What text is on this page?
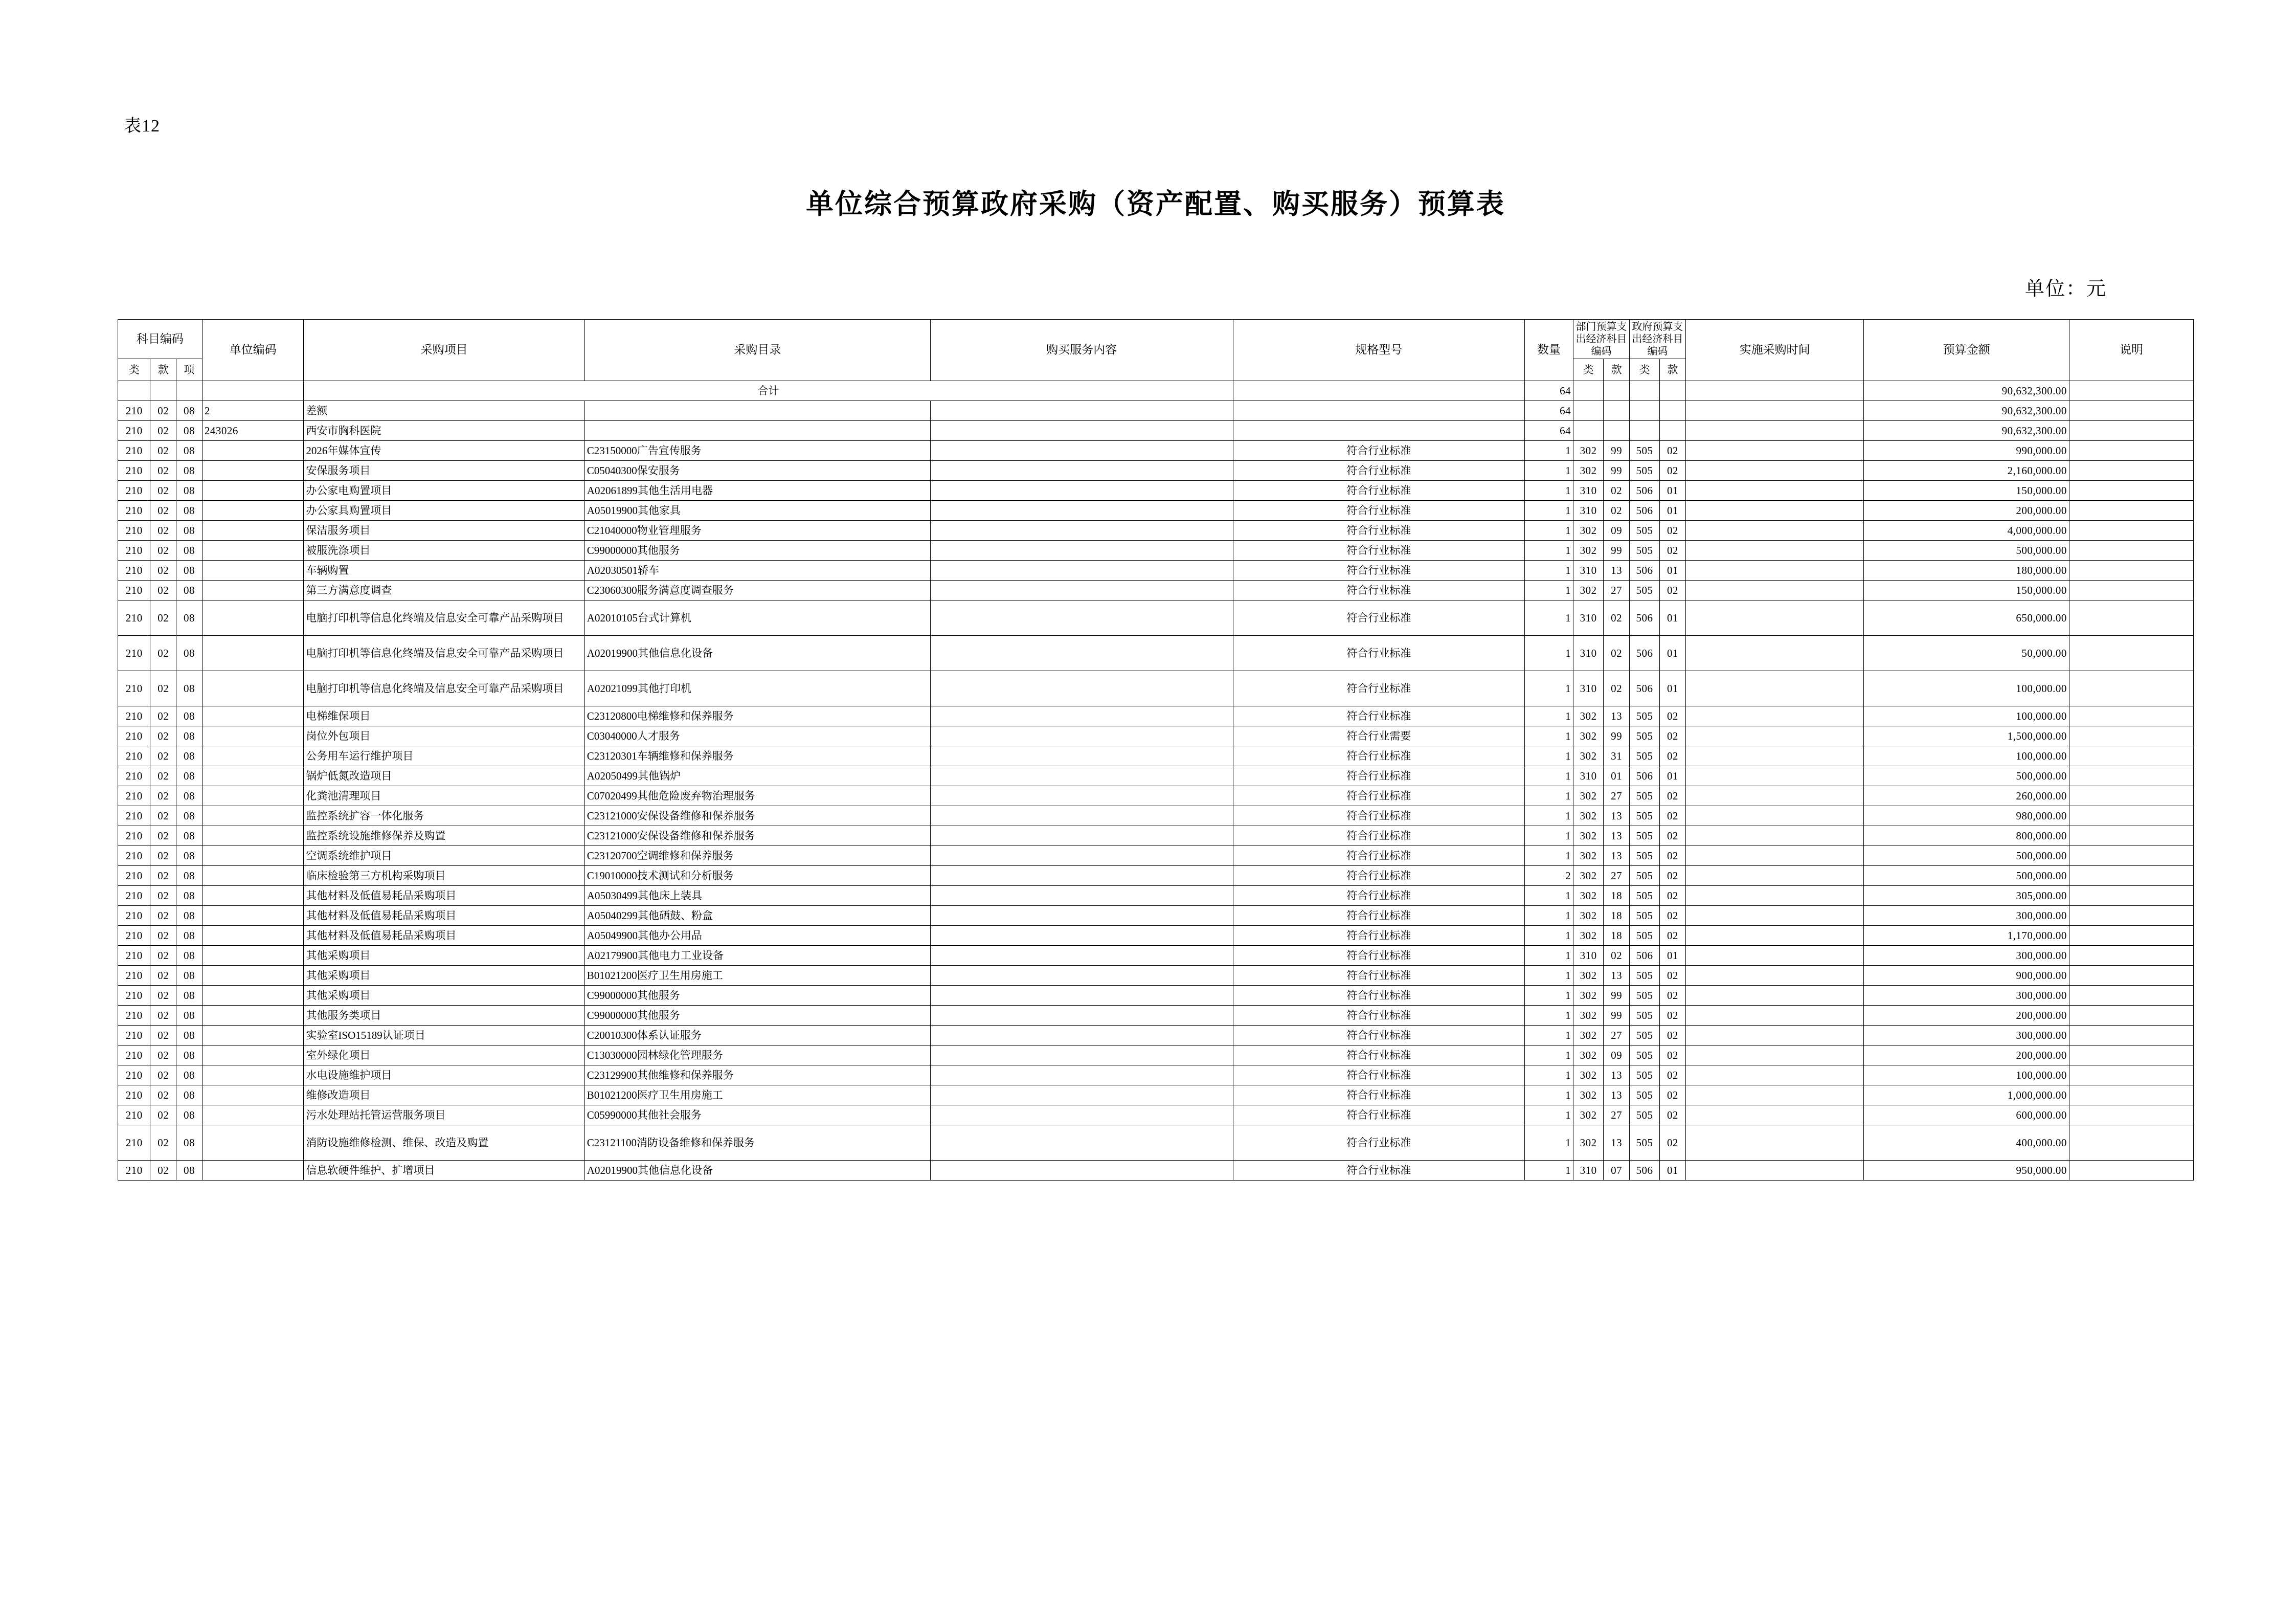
表12
单位综合预算政府采购（资产配置、购买服务）预算表
单位：元
科目编码			单位编码	采购项目	采购目录	购买服务内容	规格型号	数量	部门预算支出经济科目编码		政府预算支出经济科目编码		实施采购时间	预算金额	说明
类	款	项							类	款	类	款			
				合计				64						90,632,300.00	
210	02	08	2	差额				64						90,632,300.00	
210	02	08	243026	西安市胸科医院				64						90,632,300.00	
210	02	08		2026年媒体宣传	C23150000广告宣传服务		符合行业标准	1	302	99	505	02		990,000.00	
210	02	08		安保服务项目	C05040300保安服务		符合行业标准	1	302	99	505	02		2,160,000.00	
210	02	08		办公家电购置项目	A02061899其他生活用电器		符合行业标准	1	310	02	506	01		150,000.00	
210	02	08		办公家具购置项目	A05019900其他家具		符合行业标准	1	310	02	506	01		200,000.00	
210	02	08		保洁服务项目	C21040000物业管理服务		符合行业标准	1	302	09	505	02		4,000,000.00	
210	02	08		被服洗涤项目	C99000000其他服务		符合行业标准	1	302	99	505	02		500,000.00	
210	02	08		车辆购置	A02030501轿车		符合行业标准	1	310	13	506	01		180,000.00	
210	02	08		第三方满意度调查	C23060300服务满意度调查服务		符合行业标准	1	302	27	505	02		150,000.00	
210	02	08		电脑打印机等信息化终端及信息安全可靠产品采购项目	A02010105台式计算机		符合行业标准	1	310	02	506	01		650,000.00	
210	02	08		电脑打印机等信息化终端及信息安全可靠产品采购项目	A02019900其他信息化设备		符合行业标准	1	310	02	506	01		50,000.00	
210	02	08		电脑打印机等信息化终端及信息安全可靠产品采购项目	A02021099其他打印机		符合行业标准	1	310	02	506	01		100,000.00	
210	02	08		电梯维保项目	C23120800电梯维修和保养服务		符合行业标准	1	302	13	505	02		100,000.00	
210	02	08		岗位外包项目	C03040000人才服务		符合行业需要	1	302	99	505	02		1,500,000.00	
210	02	08		公务用车运行维护项目	C23120301车辆维修和保养服务		符合行业标准	1	302	31	505	02		100,000.00	
210	02	08		锅炉低氮改造项目	A02050499其他锅炉		符合行业标准	1	310	01	506	01		500,000.00	
210	02	08		化粪池清理项目	C07020499其他危险废弃物治理服务		符合行业标准	1	302	27	505	02		260,000.00	
210	02	08		监控系统扩容一体化服务	C23121000安保设备维修和保养服务		符合行业标准	1	302	13	505	02		980,000.00	
210	02	08		监控系统设施维修保养及购置	C23121000安保设备维修和保养服务		符合行业标准	1	302	13	505	02		800,000.00	
210	02	08		空调系统维护项目	C23120700空调维修和保养服务		符合行业标准	1	302	13	505	02		500,000.00	
210	02	08		临床检验第三方机构采购项目	C19010000技术测试和分析服务		符合行业标准	2	302	27	505	02		500,000.00	
210	02	08		其他材料及低值易耗品采购项目	A05030499其他床上装具		符合行业标准	1	302	18	505	02		305,000.00	
210	02	08		其他材料及低值易耗品采购项目	A05040299其他硒鼓、粉盒		符合行业标准	1	302	18	505	02		300,000.00	
210	02	08		其他材料及低值易耗品采购项目	A05049900其他办公用品		符合行业标准	1	302	18	505	02		1,170,000.00	
210	02	08		其他采购项目	A02179900其他电力工业设备		符合行业标准	1	310	02	506	01		300,000.00	
210	02	08		其他采购项目	B01021200医疗卫生用房施工		符合行业标准	1	302	13	505	02		900,000.00	
210	02	08		其他采购项目	C99000000其他服务		符合行业标准	1	302	99	505	02		300,000.00	
210	02	08		其他服务类项目	C99000000其他服务		符合行业标准	1	302	99	505	02		200,000.00	
210	02	08		实验室ISO15189认证项目	C20010300体系认证服务		符合行业标准	1	302	27	505	02		300,000.00	
210	02	08		室外绿化项目	C13030000园林绿化管理服务		符合行业标准	1	302	09	505	02		200,000.00	
210	02	08		水电设施维护项目	C23129900其他维修和保养服务		符合行业标准	1	302	13	505	02		100,000.00	
210	02	08		维修改造项目	B01021200医疗卫生用房施工		符合行业标准	1	302	13	505	02		1,000,000.00	
210	02	08		污水处理站托管运营服务项目	C05990000其他社会服务		符合行业标准	1	302	27	505	02		600,000.00	
210	02	08		消防设施维修检测、维保、改造及购置	C23121100消防设备维修和保养服务		符合行业标准	1	302	13	505	02		400,000.00	
210	02	08		信息软硬件维护、扩增项目	A02019900其他信息化设备		符合行业标准	1	310	07	506	01		950,000.00	
